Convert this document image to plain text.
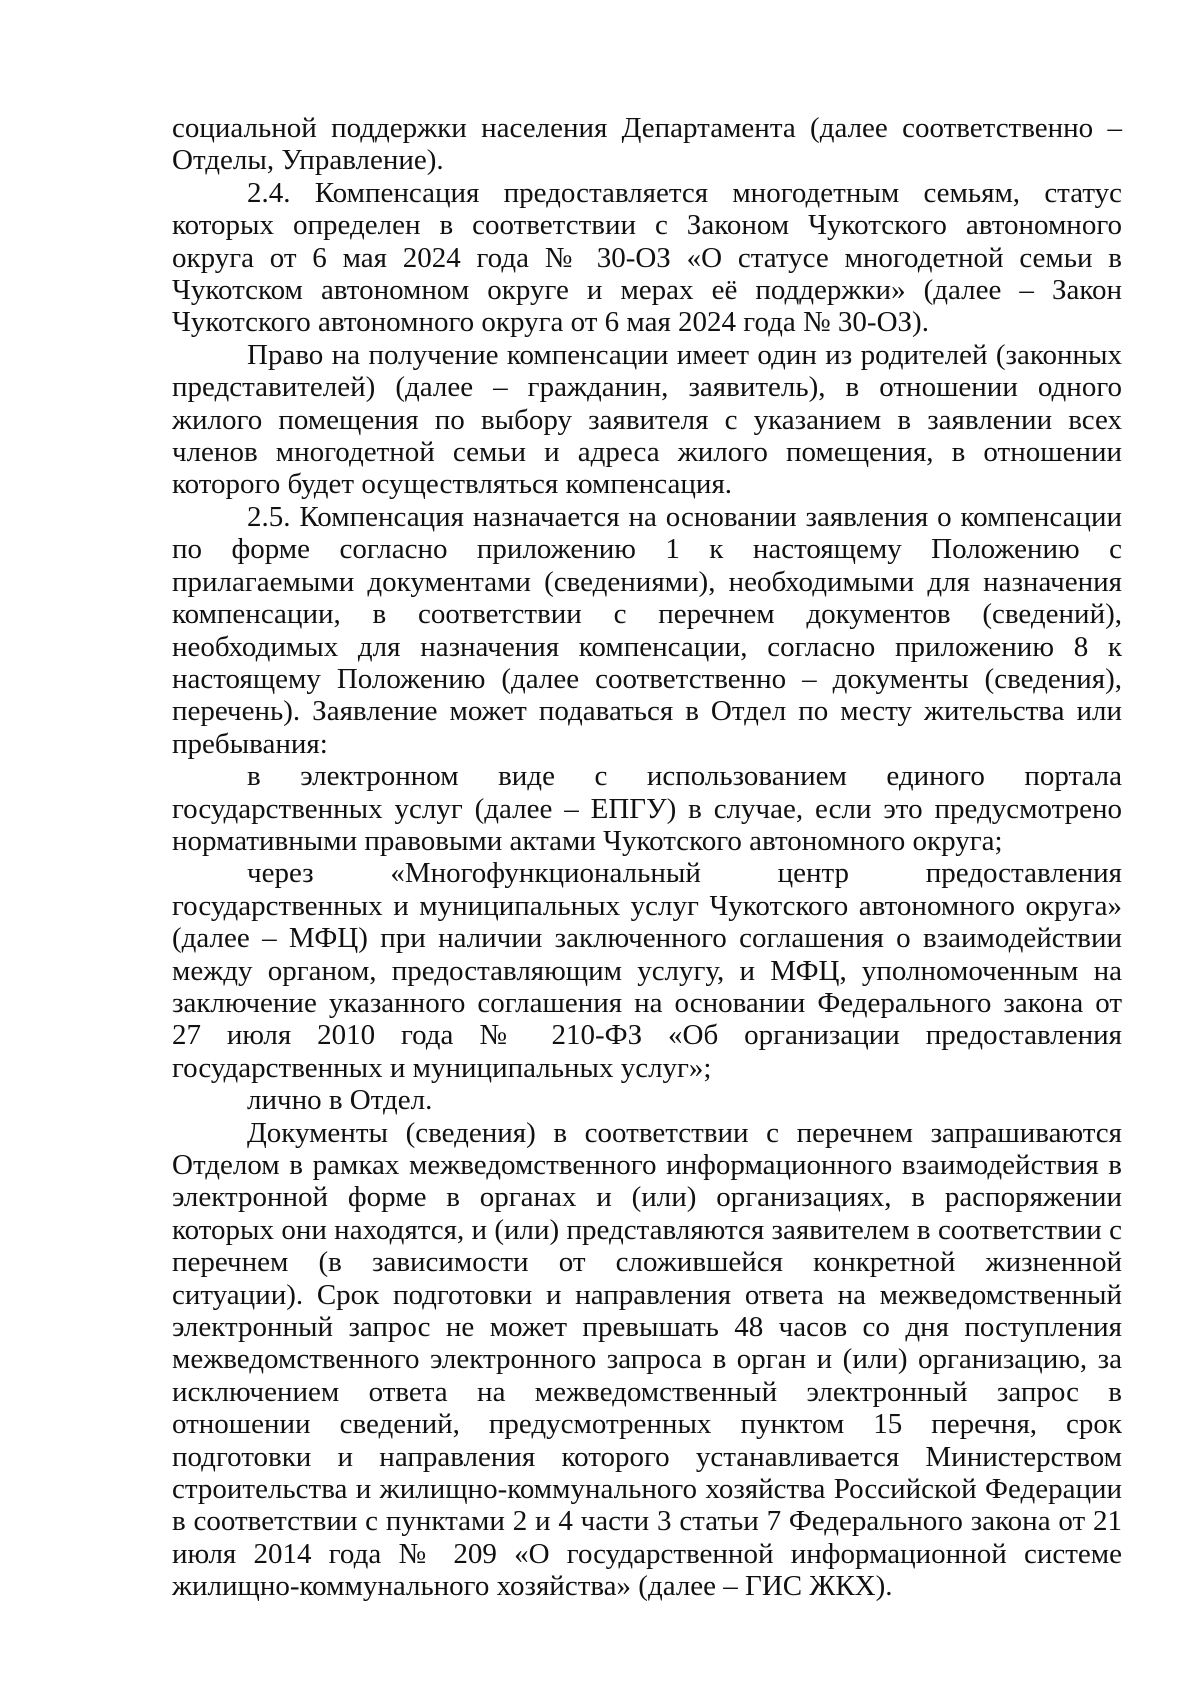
социальной поддержки населения Департамента (далее соответственно – Отделы, Управление).

2.4. Компенсация предоставляется многодетным семьям, статус которых определен в соответствии с Законом Чукотского автономного округа от 6 мая 2024 года № 30-ОЗ «О статусе многодетной семьи в Чукотском автономном округе и мерах её поддержки» (далее – Закон Чукотского автономного округа от 6 мая 2024 года № 30-ОЗ).

Право на получение компенсации имеет один из родителей (законных представителей) (далее – гражданин, заявитель), в отношении одного жилого помещения по выбору заявителя с указанием в заявлении всех членов многодетной семьи и адреса жилого помещения, в отношении которого будет осуществляться компенсация.

2.5. Компенсация назначается на основании заявления о компенсации по форме согласно приложению 1 к настоящему Положению с прилагаемыми документами (сведениями), необходимыми для назначения компенсации, в соответствии с перечнем документов (сведений), необходимых для назначения компенсации, согласно приложению 8 к настоящему Положению (далее соответственно – документы (сведения), перечень). Заявление может подаваться в Отдел по месту жительства или пребывания:

в электронном виде с использованием единого портала государственных услуг (далее – ЕПГУ) в случае, если это предусмотрено нормативными правовыми актами Чукотского автономного округа;

через «Многофункциональный центр предоставления государственных и муниципальных услуг Чукотского автономного округа» (далее – МФЦ) при наличии заключенного соглашения о взаимодействии между органом, предоставляющим услугу, и МФЦ, уполномоченным на заключение указанного соглашения на основании Федерального закона от 27 июля 2010 года № 210-ФЗ «Об организации предоставления государственных и муниципальных услуг»;

лично в Отдел.

Документы (сведения) в соответствии с перечнем запрашиваются Отделом в рамках межведомственного информационного взаимодействия в электронной форме в органах и (или) организациях, в распоряжении которых они находятся, и (или) представляются заявителем в соответствии с перечнем (в зависимости от сложившейся конкретной жизненной ситуации). Срок подготовки и направления ответа на межведомственный электронный запрос не может превышать 48 часов со дня поступления межведомственного электронного запроса в орган и (или) организацию, за исключением ответа на межведомственный электронный запрос в отношении сведений, предусмотренных пунктом 15 перечня, срок подготовки и направления которого устанавливается Министерством строительства и жилищно-коммунального хозяйства Российской Федерации в соответствии с пунктами 2 и 4 части 3 статьи 7 Федерального закона от 21 июля 2014 года № 209 «О государственной информационной системе жилищно-коммунального хозяйства» (далее – ГИС ЖКХ).
